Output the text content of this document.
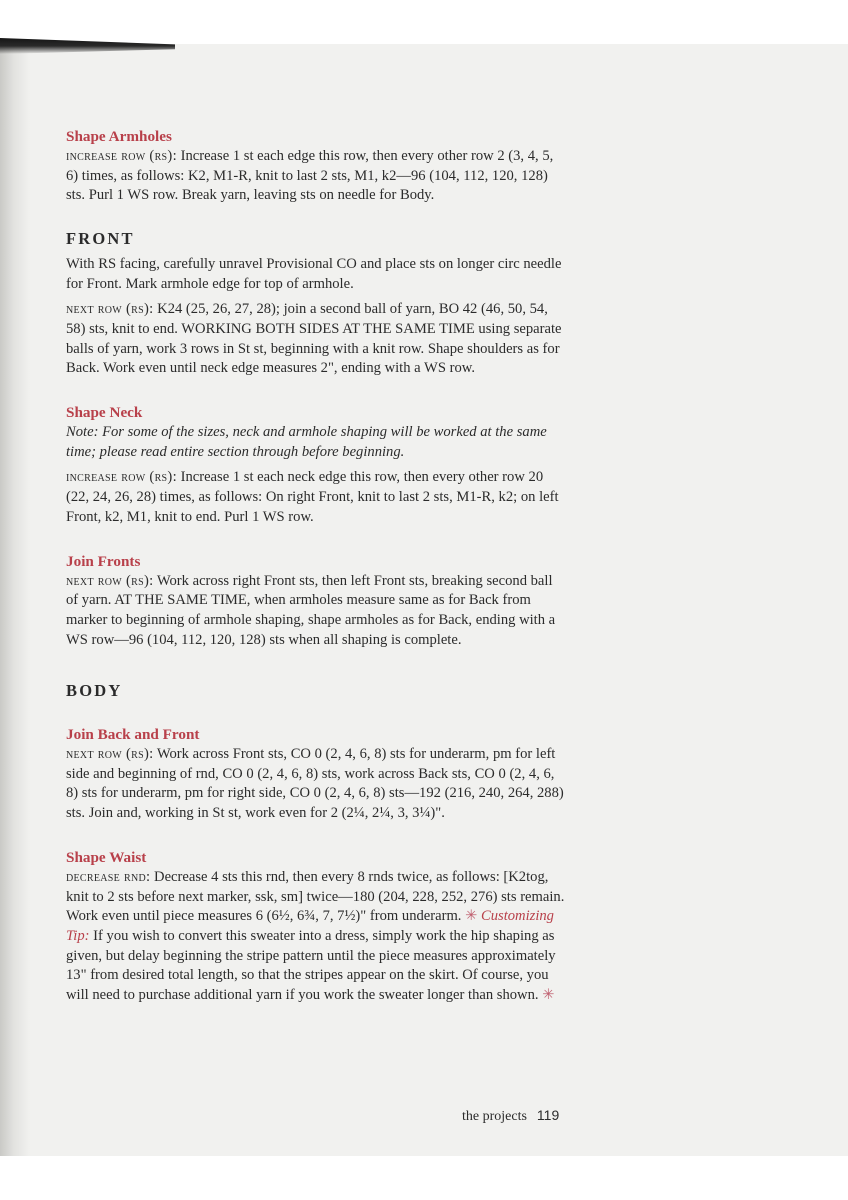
Shape Armholes

increase row (rs): Increase 1 st each edge this row, then every other row 2 (3, 4, 5, 6) times, as follows: K2, M1-R, knit to last 2 sts, M1, k2—96 (104, 112, 120, 128) sts. Purl 1 WS row. Break yarn, leaving sts on needle for Body.

FRONT

With RS facing, carefully unravel Provisional CO and place sts on longer circ needle for Front. Mark armhole edge for top of armhole.

next row (rs): K24 (25, 26, 27, 28); join a second ball of yarn, BO 42 (46, 50, 54, 58) sts, knit to end. WORKING BOTH SIDES AT THE SAME TIME using separate balls of yarn, work 3 rows in St st, beginning with a knit row. Shape shoulders as for Back. Work even until neck edge measures 2", ending with a WS row.

Shape Neck

Note: For some of the sizes, neck and armhole shaping will be worked at the same time; please read entire section through before beginning.

increase row (rs): Increase 1 st each neck edge this row, then every other row 20 (22, 24, 26, 28) times, as follows: On right Front, knit to last 2 sts, M1-R, k2; on left Front, k2, M1, knit to end. Purl 1 WS row.

Join Fronts

next row (rs): Work across right Front sts, then left Front sts, breaking second ball of yarn. AT THE SAME TIME, when armholes measure same as for Back from marker to beginning of armhole shaping, shape armholes as for Back, ending with a WS row—96 (104, 112, 120, 128) sts when all shaping is complete.

BODY
Join Back and Front

next row (rs): Work across Front sts, CO 0 (2, 4, 6, 8) sts for underarm, pm for left side and beginning of rnd, CO 0 (2, 4, 6, 8) sts, work across Back sts, CO 0 (2, 4, 6, 8) sts for underarm, pm for right side, CO 0 (2, 4, 6, 8) sts—192 (216, 240, 264, 288) sts. Join and, working in St st, work even for 2 (2¼, 2¼, 3, 3¼)".

Shape Waist

decrease rnd: Decrease 4 sts this rnd, then every 8 rnds twice, as follows: [K2tog, knit to 2 sts before next marker, ssk, sm] twice—180 (204, 228, 252, 276) sts remain. Work even until piece measures 6 (6½, 6¾, 7, 7½)" from underarm. ✳ Customizing Tip: If you wish to convert this sweater into a dress, simply work the hip shaping as given, but delay beginning the stripe pattern until the piece measures approximately 13" from desired total length, so that the stripes appear on the skirt. Of course, you will need to purchase additional yarn if you work the sweater longer than shown. ✳

the projects 119
